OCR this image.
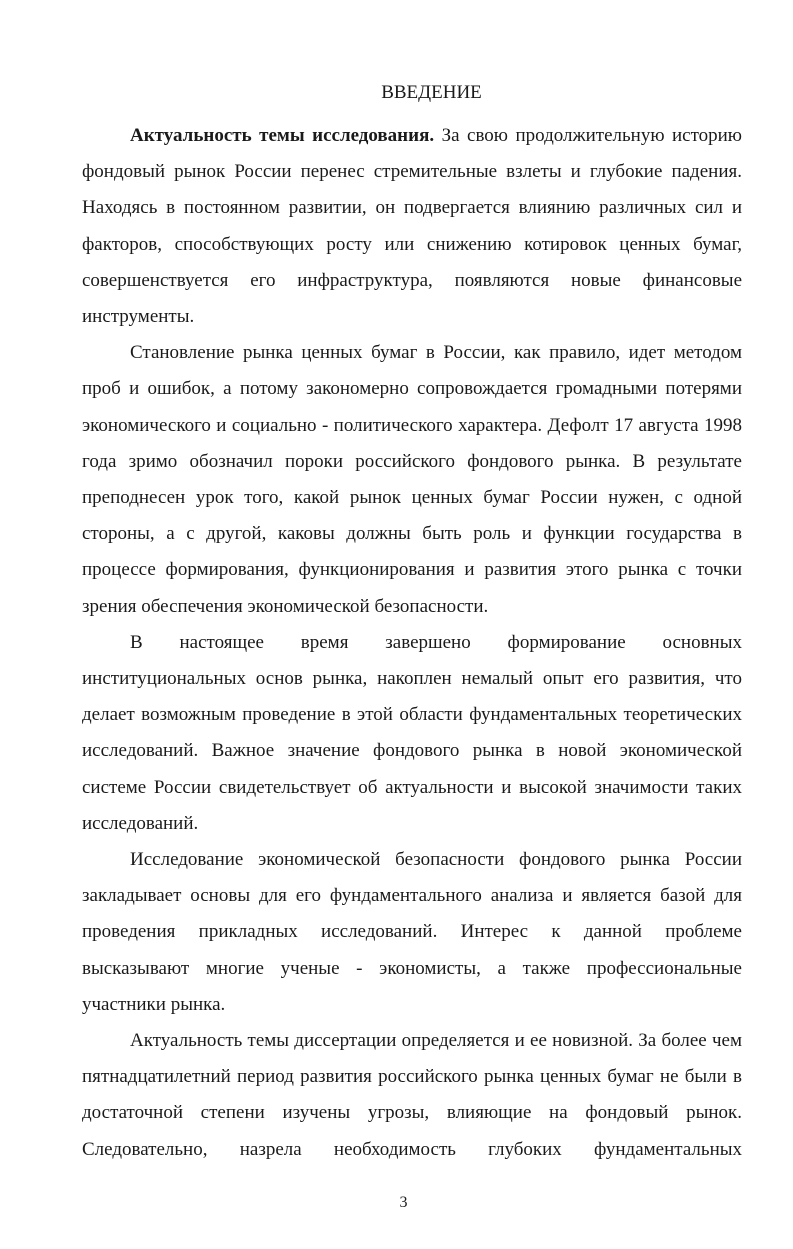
ВВЕДЕНИЕ

Актуальность темы исследования. За свою продолжительную историю фондовый рынок России перенес стремительные взлеты и глубокие падения. Находясь в постоянном развитии, он подвергается влиянию различных сил и факторов, способствующих росту или снижению котировок ценных бумаг, совершенствуется его инфраструктура, появляются новые финансовые инструменты.

Становление рынка ценных бумаг в России, как правило, идет методом проб и ошибок, а потому закономерно сопровождается громадными потерями экономического и социально - политического характера. Дефолт 17 августа 1998 года зримо обозначил пороки российского фондового рынка. В результате преподнесен урок того, какой рынок ценных бумаг России нужен, с одной стороны, а с другой, каковы должны быть роль и функции государства в процессе формирования, функционирования и развития этого рынка с точки зрения обеспечения экономической безопасности.

В настоящее время завершено формирование основных институциональных основ рынка, накоплен немалый опыт его развития, что делает возможным проведение в этой области фундаментальных теоретических исследований. Важное значение фондового рынка в новой экономической системе России свидетельствует об актуальности и высокой значимости таких исследований.

Исследование экономической безопасности фондового рынка России закладывает основы для его фундаментального анализа и является базой для проведения прикладных исследований. Интерес к данной проблеме высказывают многие ученые - экономисты, а также профессиональные участники рынка.

Актуальность темы диссертации определяется и ее новизной. За более чем пятнадцатилетний период развития российского рынка ценных бумаг не были в достаточной степени изучены угрозы, влияющие на фондовый рынок. Следовательно, назрела необходимость глубоких фундаментальных

3
